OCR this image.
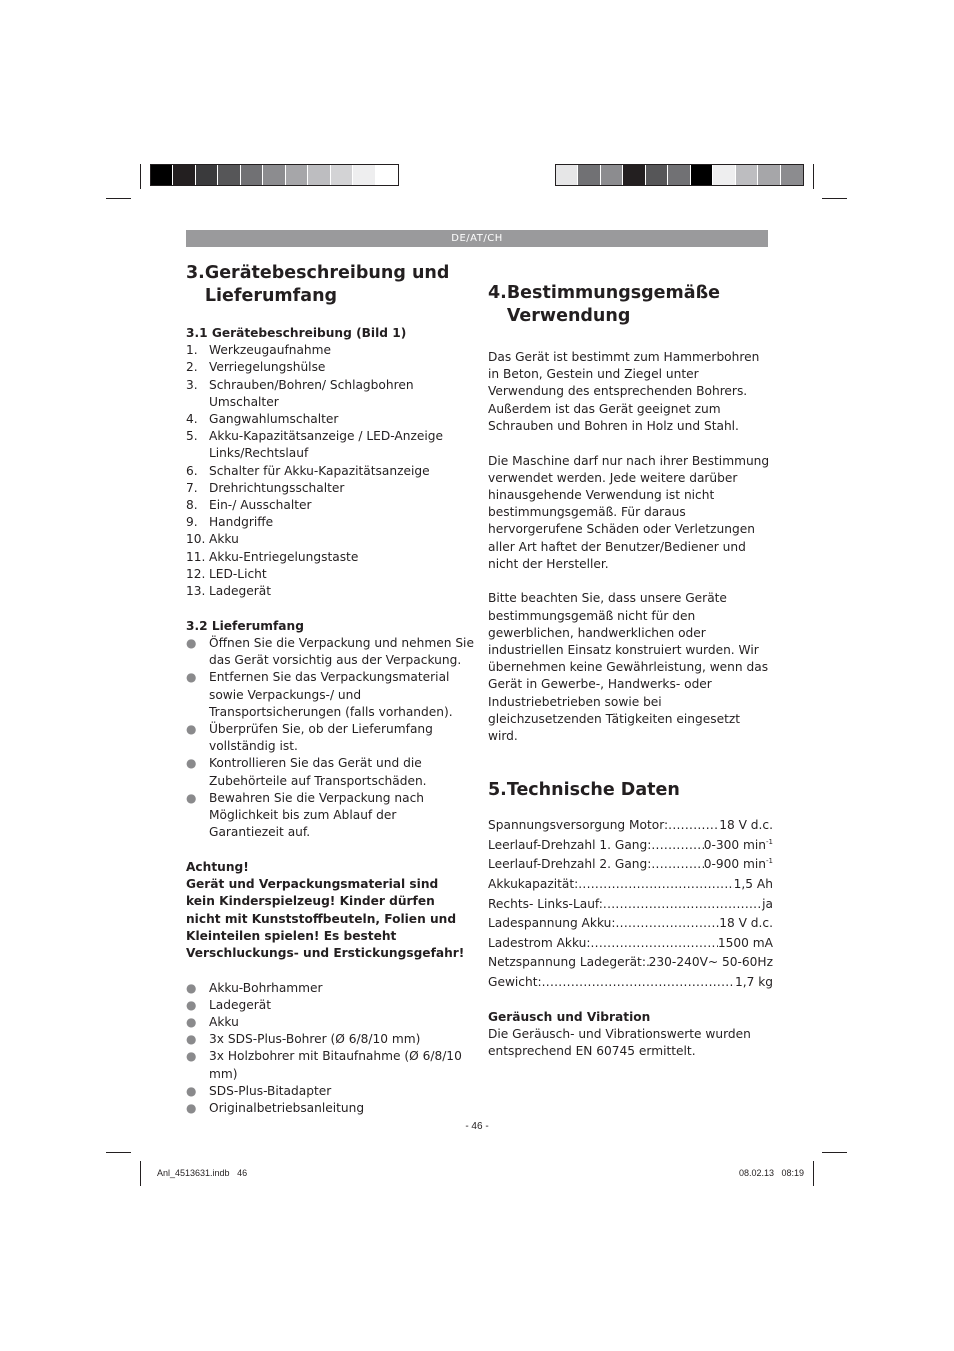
DE/AT/CH
3. Gerätebeschreibung und Lieferumfang
3.1 Gerätebeschreibung (Bild 1)
1. Werkzeugaufnahme
2. Verriegelungshülse
3. Schrauben/Bohren/ Schlagbohren Umschalter
4. Gangwahlumschalter
5. Akku-Kapazitätsanzeige / LED-Anzeige Links/Rechtslauf
6. Schalter für Akku-Kapazitätsanzeige
7. Drehrichtungsschalter
8. Ein-/ Ausschalter
9. Handgriffe
10. Akku
11. Akku-Entriegelungstaste
12. LED-Licht
13. Ladegerät
3.2 Lieferumfang
●	Öffnen Sie die Verpackung und nehmen Sie das Gerät vorsichtig aus der Verpackung.
●	Entfernen Sie das Verpackungsmaterial sowie Verpackungs-/ und Transportsicherungen (falls vorhanden).
●	Überprüfen Sie, ob der Lieferumfang vollständig ist.
●	Kontrollieren Sie das Gerät und die Zubehörteile auf Transportschäden.
●	Bewahren Sie die Verpackung nach Möglichkeit bis zum Ablauf der Garantiezeit auf.

Achtung!

Gerät und Verpackungsmaterial sind kein Kinderspielzeug! Kinder dürfen nicht mit Kunststoffbeuteln, Folien und Kleinteilen spielen! Es besteht Verschluckungs- und Erstickungsgefahr!

●	Akku-Bohrhammer
●	Ladegerät
●	Akku
●	3x SDS-Plus-Bohrer (Ø 6/8/10 mm)
●	3x Holzbohrer mit Bitaufnahme (Ø 6/8/10 mm)
●	SDS-Plus-Bitadapter
●	Originalbetriebsanleitung
4. Bestimmungsgemäße Verwendung

Das Gerät ist bestimmt zum Hammerbohren in Beton, Gestein und Ziegel unter Verwendung des entsprechenden Bohrers. Außerdem ist das Gerät geeignet zum Schrauben und Bohren in Holz und Stahl.

Die Maschine darf nur nach ihrer Bestimmung verwendet werden. Jede weitere darüber hinausgehende Verwendung ist nicht bestimmungsgemäß. Für daraus hervorgerufene Schäden oder Verletzungen aller Art haftet der Benutzer/Bediener und nicht der Hersteller.

Bitte beachten Sie, dass unsere Geräte bestimmungsgemäß nicht für den gewerblichen, handwerklichen oder industriellen Einsatz konstruiert wurden. Wir übernehmen keine Gewährleistung, wenn das Gerät in Gewerbe-, Handwerks- oder Industriebetrieben sowie bei gleichzusetzenden Tätigkeiten eingesetzt wird.

5. Technische Daten
Spannungsversorgung Motor: .....	18 V d.c.
Leerlauf-Drehzahl 1. Gang: .....	0-300 $\min^{-1}$
Leerlauf-Drehzahl 2. Gang: .....	0-900 $\min^{-1}$
Akkukapazität: .....	1,5 Ah
Rechts- Links-Lauf: .....	ja
Ladespannung Akku: .....	18 V d.c.
Ladestrom Akku: .....	1500 mA
Netzspannung Ladegerät: ..... 230-240V~ 50-60Hz
Gewicht: .....	1,7 kg
Geräusch und Vibration

Die Geräusch- und Vibrationswerte wurden entsprechend EN 60745 ermittelt.

- 46 -
Anl_4513631.indb   46	08.02.13   08:19
